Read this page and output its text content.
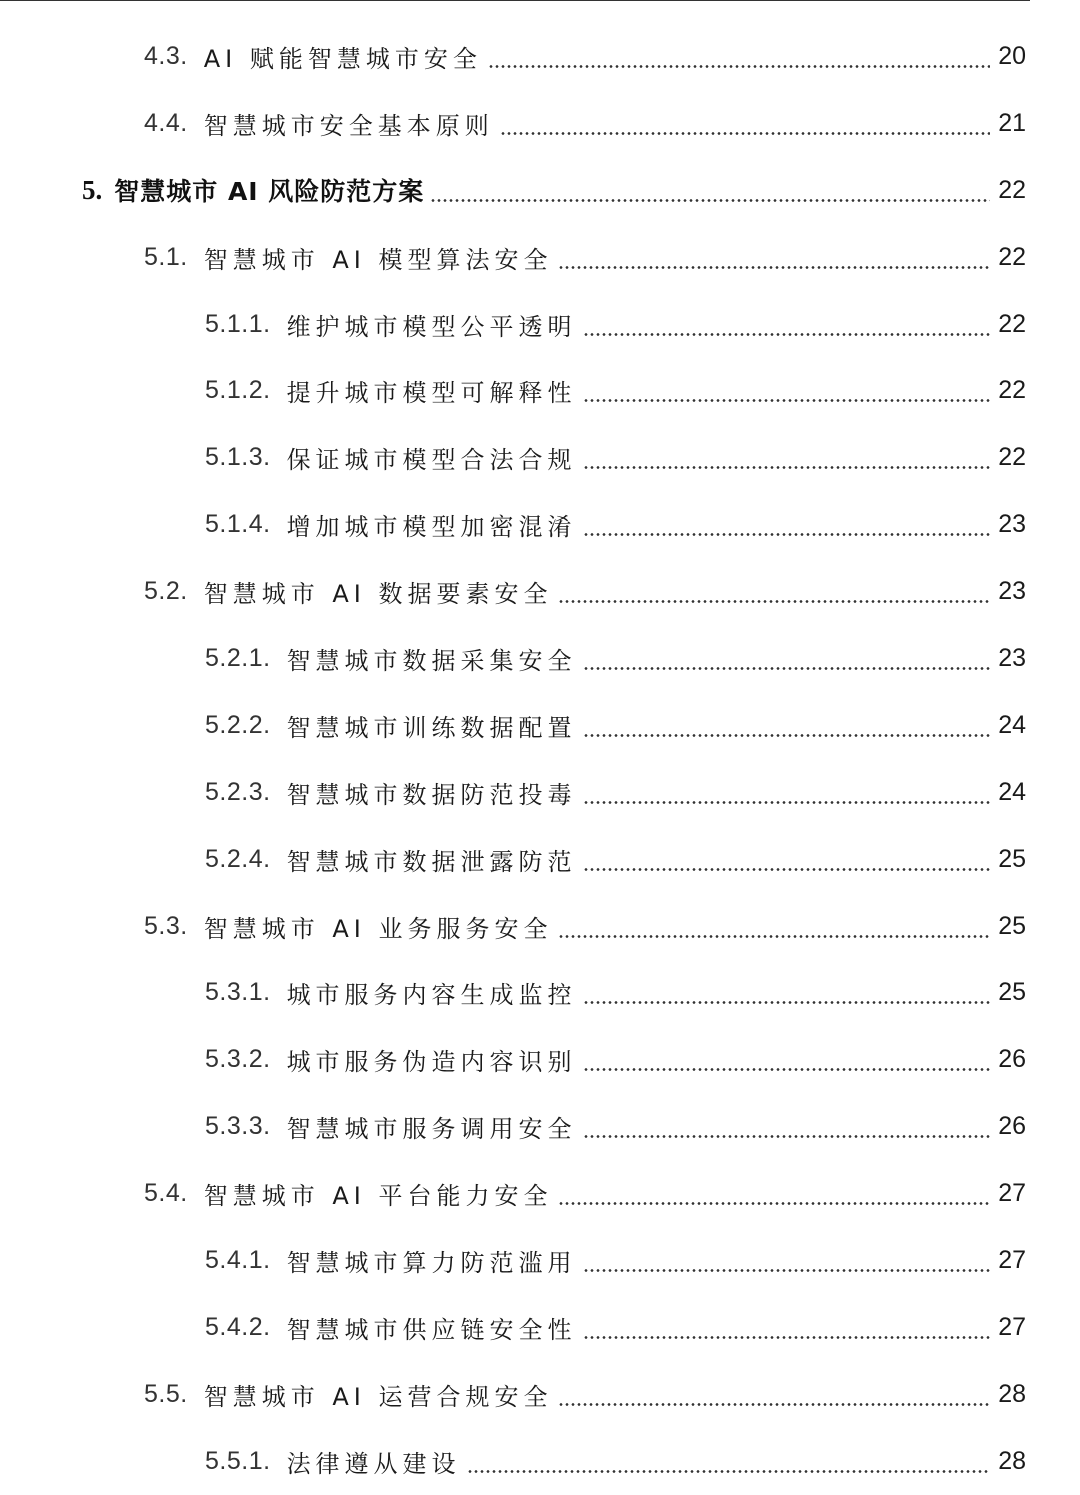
4.3. AI 赋能智慧城市安全	20
4.4. 智慧城市安全基本原则	21
5. 智慧城市 AI 风险防范方案	22
5.1. 智慧城市 AI 模型算法安全	22
5.1.1. 维护城市模型公平透明	22
5.1.2. 提升城市模型可解释性	22
5.1.3. 保证城市模型合法合规	22
5.1.4. 增加城市模型加密混淆	23
5.2. 智慧城市 AI 数据要素安全	23
5.2.1. 智慧城市数据采集安全	23
5.2.2. 智慧城市训练数据配置	24
5.2.3. 智慧城市数据防范投毒	24
5.2.4. 智慧城市数据泄露防范	25
5.3. 智慧城市 AI 业务服务安全	25
5.3.1. 城市服务内容生成监控	25
5.3.2. 城市服务伪造内容识别	26
5.3.3. 智慧城市服务调用安全	26
5.4. 智慧城市 AI 平台能力安全	27
5.4.1. 智慧城市算力防范滥用	27
5.4.2. 智慧城市供应链安全性	27
5.5. 智慧城市 AI 运营合规安全	28
5.5.1. 法律遵从建设	28
